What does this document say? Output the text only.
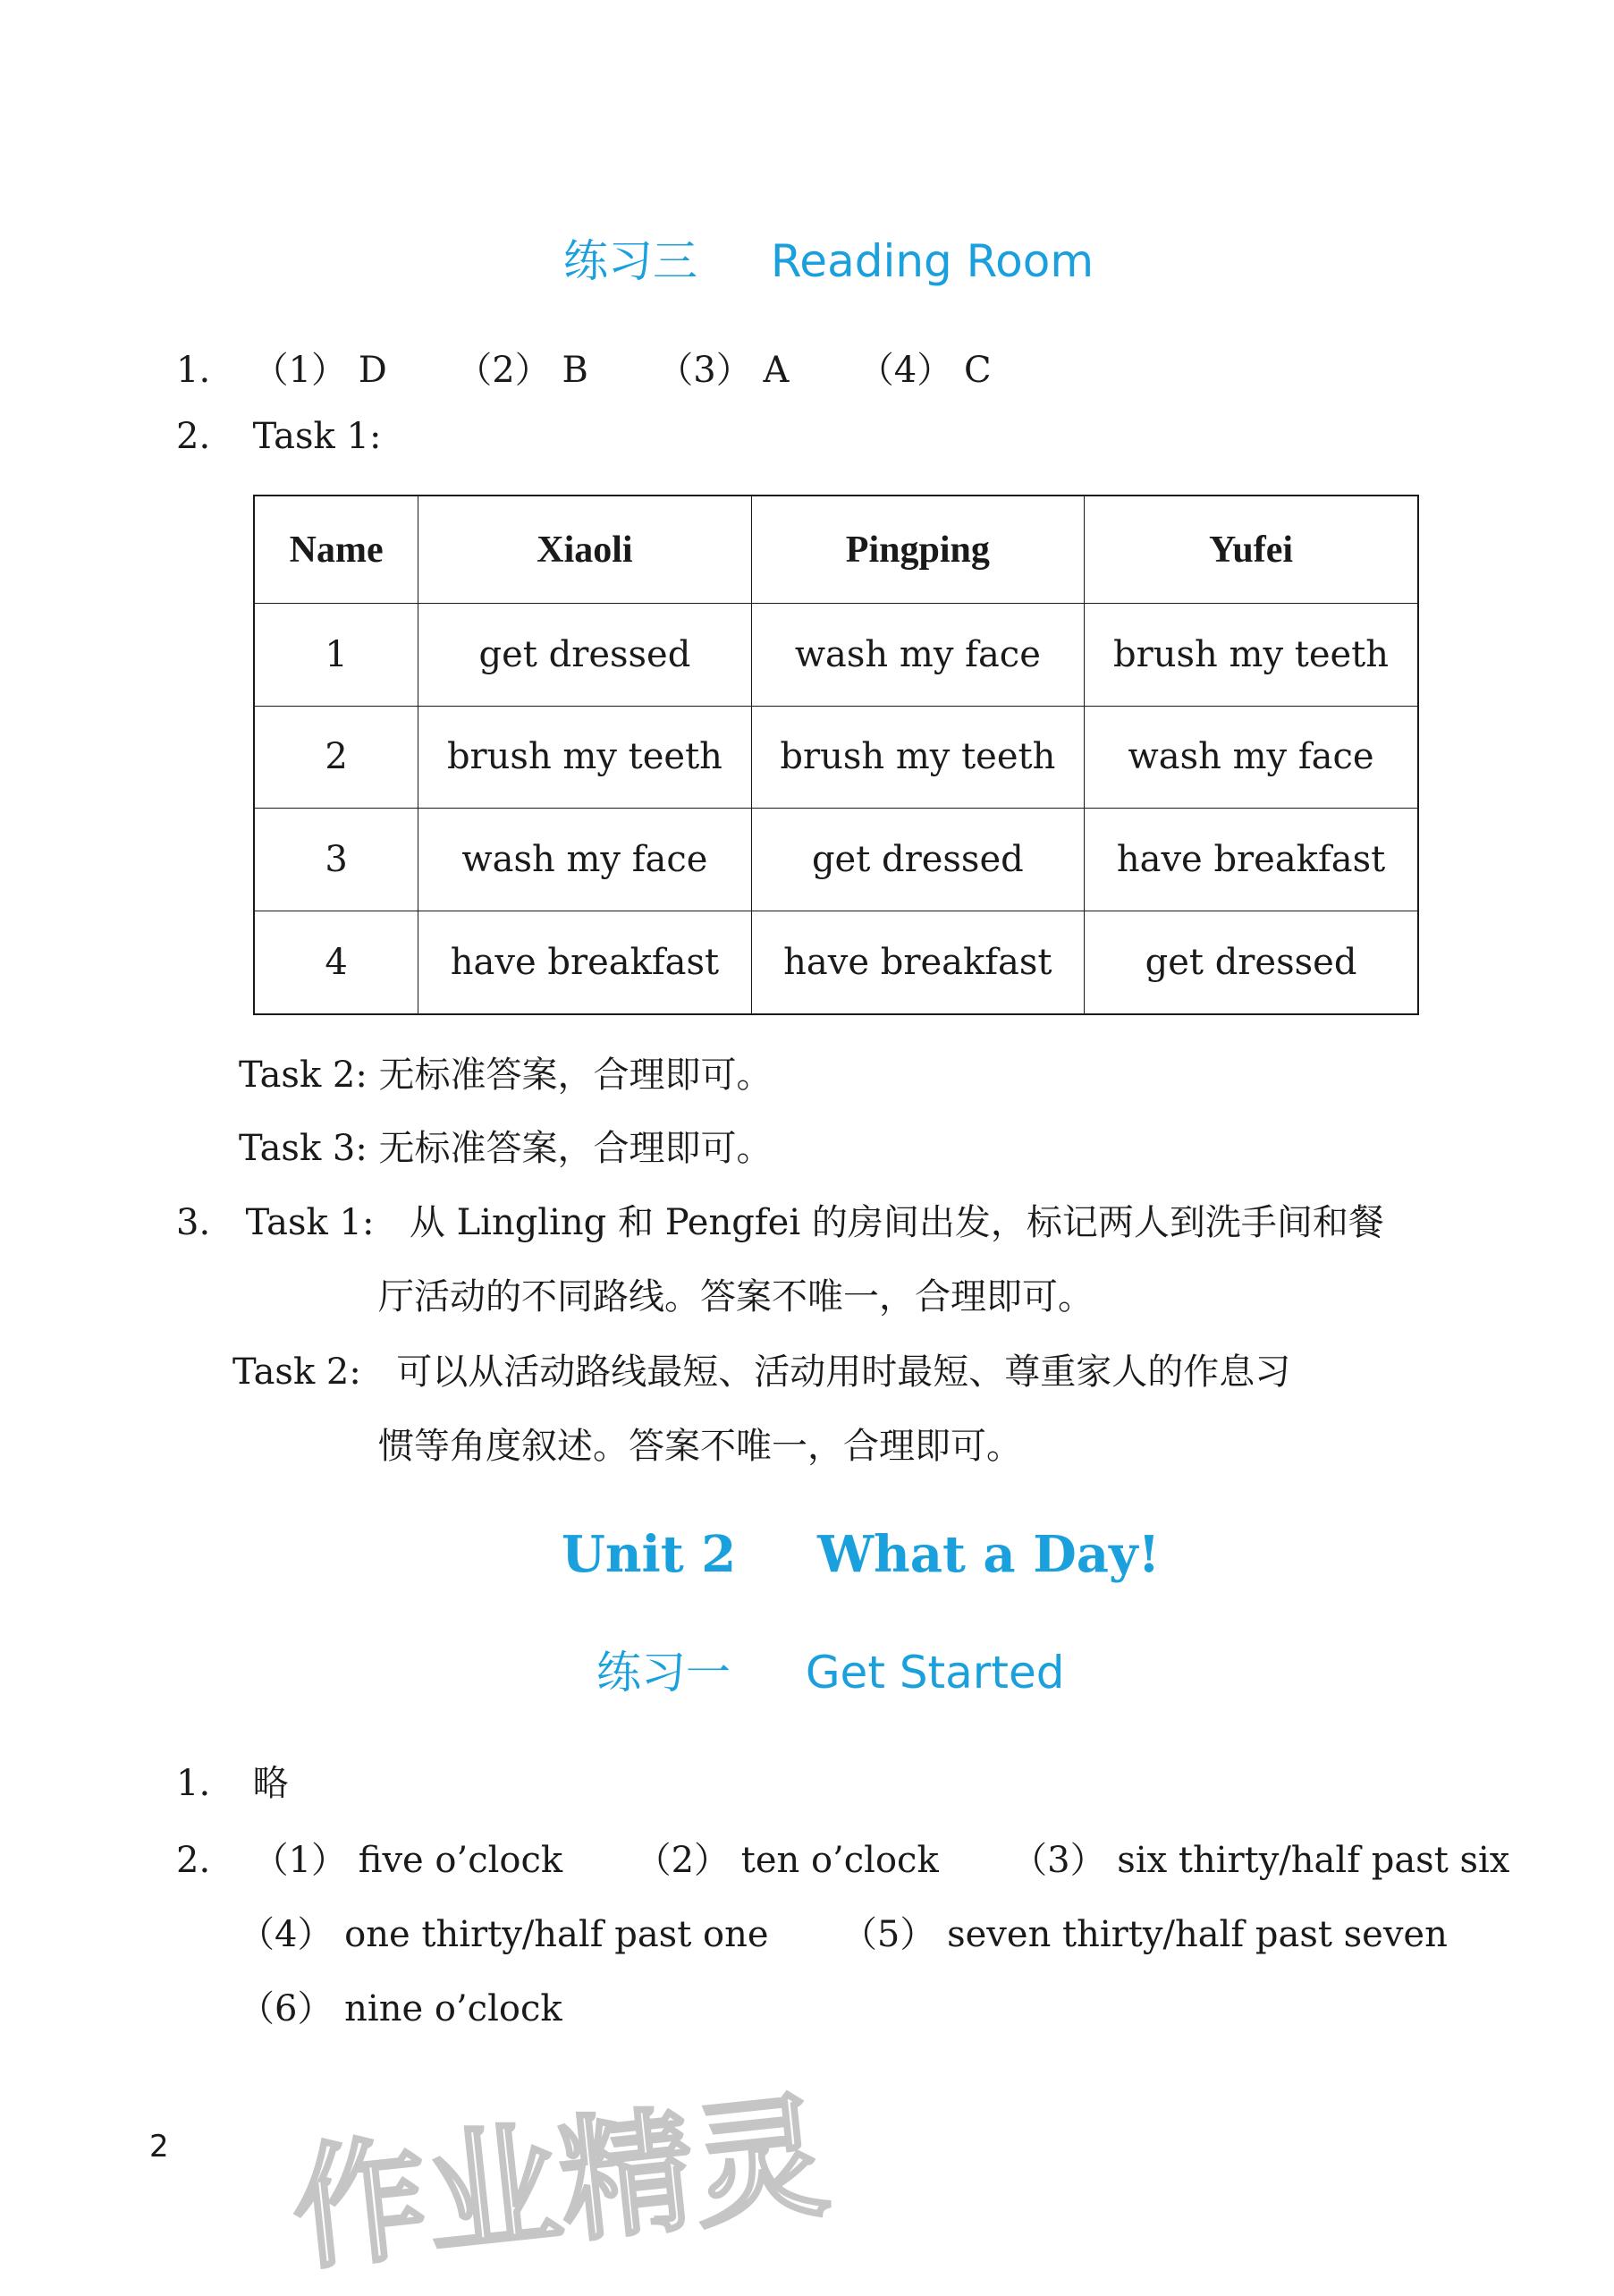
练习三 Reading Room
1. （1） D （2） B （3） A （4） C
2. Task 1:
Name	Xiaoli	Pingping	Yufei
1	get dressed	wash my face	brush my teeth
2	brush my teeth	brush my teeth	wash my face
3	wash my face	get dressed	have breakfast
4	have breakfast	have breakfast	get dressed
Task 2: 无标准答案，合理即可。
Task 3: 无标准答案，合理即可。
3. Task 1: 从 Lingling 和 Pengfei 的房间出发，标记两人到洗手间和餐
厅活动的不同路线。答案不唯一，合理即可。
Task 2: 可以从活动路线最短、活动用时最短、尊重家人的作息习
惯等角度叙述。答案不唯一，合理即可。
Unit 2 What a Day!
练习一 Get Started
1. 略
2. （1） five o’clock （2） ten o’clock （3） six thirty/half past six
（4） one thirty/half past one （5） seven thirty/half past seven
（6） nine o’clock
作业精灵
2
